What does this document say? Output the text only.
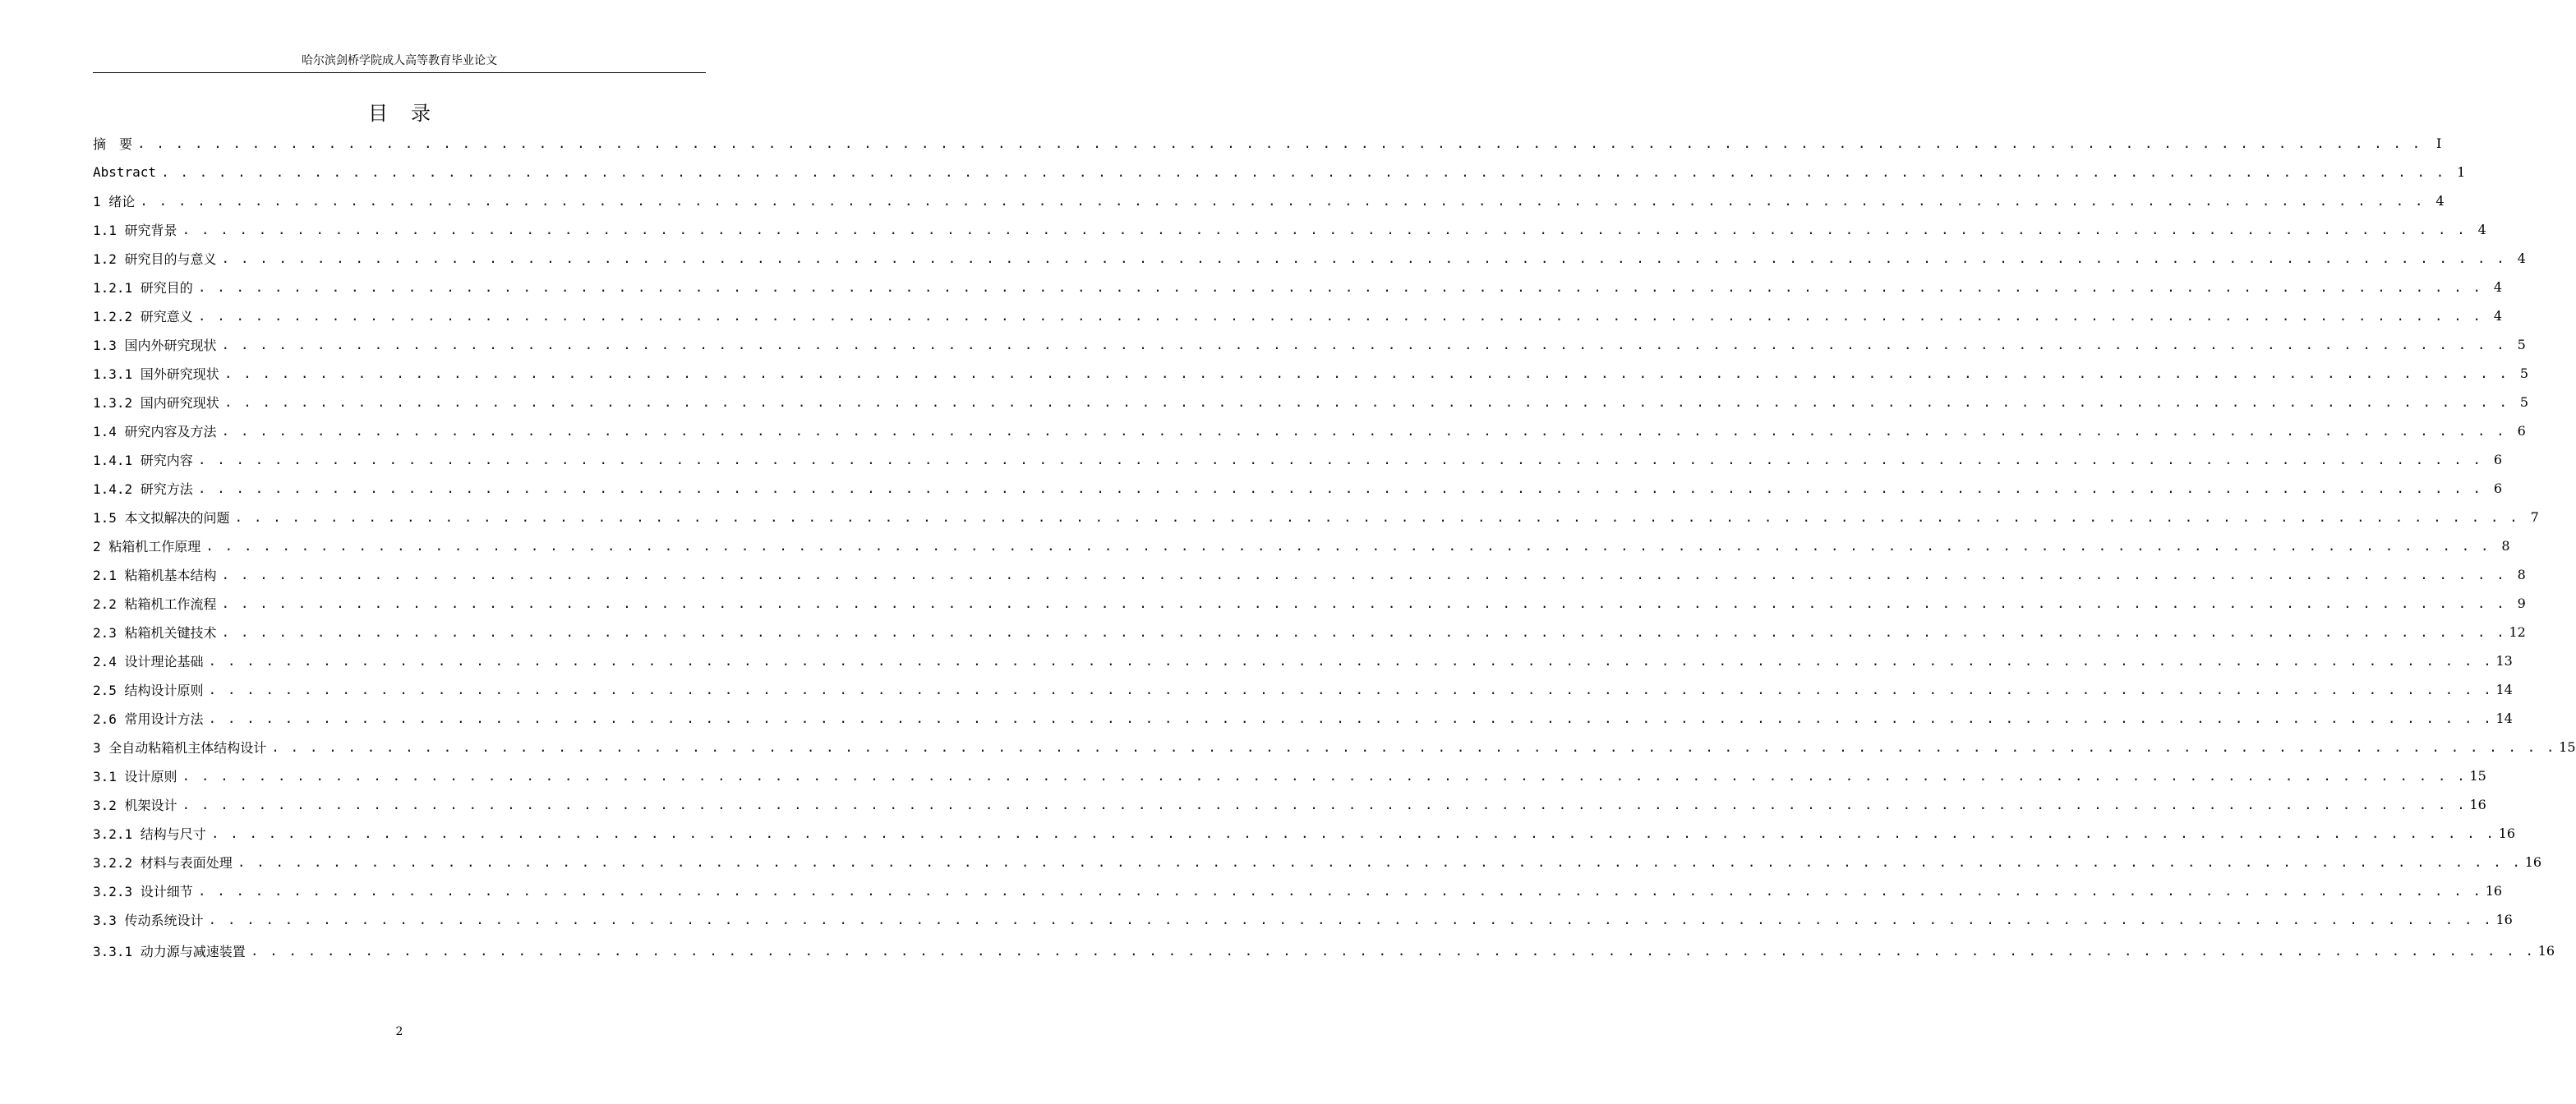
哈尔滨剑桥学院成人高等教育毕业论文
目录
摘　要 . . . . . . . . . . . . . . . . . . . . . . . . . . . . . . . . . . . . . . . . . . . . . . . . . . . . . . . . . . . . . . . . . . . . . . . . . . . . . . . . . . . . . . . . . . . . . . . . . . . . . . . . . . . . . . . . . . . . . . . .	I
Abstract . . . . . . . . . . . . . . . . . . . . . . . . . . . . . . . . . . . . . . . . . . . . . . . . . . . . . . . . . . . . . . . . . . . . . . . . . . . . . . . . . . . . . . . . . . . . . . . . . . . . . . . . . . . . . . . . . . . . . . . . 1
1 绪论 . . . . . . . . . . . . . . . . . . . . . . . . . . . . . . . . . . . . . . . . . . . . . . . . . . . . . . . . . . . . . . . . . . . . . . . . . . . . . . . . . . . . . . . . . . . . . . . . . . . . . . . . . . . . . . . . . . . . . . . . 4
1.1 研究背景 . . . . . . . . . . . . . . . . . . . . . . . . . . . . . . . . . . . . . . . . . . . . . . . . . . . . . . . . . . . . . . . . . . . . . . . . . . . . . . . . . . . . . . . . . . . . . . . . . . . . . . . . . . . . . . . . . . . . . . . . 4
1.2 研究目的与意义 . . . . . . . . . . . . . . . . . . . . . . . . . . . . . . . . . . . . . . . . . . . . . . . . . . . . . . . . . . . . . . . . . . . . . . . . . . . . . . . . . . . . . . . . . . . . . . . . . . . . . . . . . . . . . . . . . . . . . . . . 4
1.2.1 研究目的 . . . . . . . . . . . . . . . . . . . . . . . . . . . . . . . . . . . . . . . . . . . . . . . . . . . . . . . . . . . . . . . . . . . . . . . . . . . . . . . . . . . . . . . . . . . . . . . . . . . . . . . . . . . . . . . . . . . . . . . . 4
1.2.2 研究意义 . . . . . . . . . . . . . . . . . . . . . . . . . . . . . . . . . . . . . . . . . . . . . . . . . . . . . . . . . . . . . . . . . . . . . . . . . . . . . . . . . . . . . . . . . . . . . . . . . . . . . . . . . . . . . . . . . . . . . . . . 4
1.3 国内外研究现状 . . . . . . . . . . . . . . . . . . . . . . . . . . . . . . . . . . . . . . . . . . . . . . . . . . . . . . . . . . . . . . . . . . . . . . . . . . . . . . . . . . . . . . . . . . . . . . . . . . . . . . . . . . . . . . . . . . . . . . . . 5
1.3.1 国外研究现状 . . . . . . . . . . . . . . . . . . . . . . . . . . . . . . . . . . . . . . . . . . . . . . . . . . . . . . . . . . . . . . . . . . . . . . . . . . . . . . . . . . . . . . . . . . . . . . . . . . . . . . . . . . . . . . . . . . . . . . . . 5
1.3.2 国内研究现状 . . . . . . . . . . . . . . . . . . . . . . . . . . . . . . . . . . . . . . . . . . . . . . . . . . . . . . . . . . . . . . . . . . . . . . . . . . . . . . . . . . . . . . . . . . . . . . . . . . . . . . . . . . . . . . . . . . . . . . . . 5
1.4 研究内容及方法 . . . . . . . . . . . . . . . . . . . . . . . . . . . . . . . . . . . . . . . . . . . . . . . . . . . . . . . . . . . . . . . . . . . . . . . . . . . . . . . . . . . . . . . . . . . . . . . . . . . . . . . . . . . . . . . . . . . . . . . . 6
1.4.1 研究内容 . . . . . . . . . . . . . . . . . . . . . . . . . . . . . . . . . . . . . . . . . . . . . . . . . . . . . . . . . . . . . . . . . . . . . . . . . . . . . . . . . . . . . . . . . . . . . . . . . . . . . . . . . . . . . . . . . . . . . . . . 6
1.4.2 研究方法 . . . . . . . . . . . . . . . . . . . . . . . . . . . . . . . . . . . . . . . . . . . . . . . . . . . . . . . . . . . . . . . . . . . . . . . . . . . . . . . . . . . . . . . . . . . . . . . . . . . . . . . . . . . . . . . . . . . . . . . . 6
1.5 本文拟解决的问题 . . . . . . . . . . . . . . . . . . . . . . . . . . . . . . . . . . . . . . . . . . . . . . . . . . . . . . . . . . . . . . . . . . . . . . . . . . . . . . . . . . . . . . . . . . . . . . . . . . . . . . . . . . . . . . . . . . . . . . . . 7
2 粘箱机工作原理 . . . . . . . . . . . . . . . . . . . . . . . . . . . . . . . . . . . . . . . . . . . . . . . . . . . . . . . . . . . . . . . . . . . . . . . . . . . . . . . . . . . . . . . . . . . . . . . . . . . . . . . . . . . . . . . . . . . . . . . . 8
2.1 粘箱机基本结构 . . . . . . . . . . . . . . . . . . . . . . . . . . . . . . . . . . . . . . . . . . . . . . . . . . . . . . . . . . . . . . . . . . . . . . . . . . . . . . . . . . . . . . . . . . . . . . . . . . . . . . . . . . . . . . . . . . . . . . . . 8
2.2 粘箱机工作流程 . . . . . . . . . . . . . . . . . . . . . . . . . . . . . . . . . . . . . . . . . . . . . . . . . . . . . . . . . . . . . . . . . . . . . . . . . . . . . . . . . . . . . . . . . . . . . . . . . . . . . . . . . . . . . . . . . . . . . . . . 9
2.3 粘箱机关键技术 . . . . . . . . . . . . . . . . . . . . . . . . . . . . . . . . . . . . . . . . . . . . . . . . . . . . . . . . . . . . . . . . . . . . . . . . . . . . . . . . . . . . . . . . . . . . . . . . . . . . . . . . . . . . . . . . . . . . . . . . 12
2.4 设计理论基础 . . . . . . . . . . . . . . . . . . . . . . . . . . . . . . . . . . . . . . . . . . . . . . . . . . . . . . . . . . . . . . . . . . . . . . . . . . . . . . . . . . . . . . . . . . . . . . . . . . . . . . . . . . . . . . . . . . . . . . . . 13
2.5 结构设计原则 . . . . . . . . . . . . . . . . . . . . . . . . . . . . . . . . . . . . . . . . . . . . . . . . . . . . . . . . . . . . . . . . . . . . . . . . . . . . . . . . . . . . . . . . . . . . . . . . . . . . . . . . . . . . . . . . . . . . . . . . 14
2.6 常用设计方法 . . . . . . . . . . . . . . . . . . . . . . . . . . . . . . . . . . . . . . . . . . . . . . . . . . . . . . . . . . . . . . . . . . . . . . . . . . . . . . . . . . . . . . . . . . . . . . . . . . . . . . . . . . . . . . . . . . . . . . . . 14
3 全自动粘箱机主体结构设计 . . . . . . . . . . . . . . . . . . . . . . . . . . . . . . . . . . . . . . . . . . . . . . . . . . . . . . . . . . . . . . . . . . . . . . . . . . . . . . . . . . . . . . . . . . . . . . . . . . . . . . . . . . . . . . . . . . . . . . . . 15
3.1 设计原则 . . . . . . . . . . . . . . . . . . . . . . . . . . . . . . . . . . . . . . . . . . . . . . . . . . . . . . . . . . . . . . . . . . . . . . . . . . . . . . . . . . . . . . . . . . . . . . . . . . . . . . . . . . . . . . . . . . . . . . . . 15
3.2 机架设计 . . . . . . . . . . . . . . . . . . . . . . . . . . . . . . . . . . . . . . . . . . . . . . . . . . . . . . . . . . . . . . . . . . . . . . . . . . . . . . . . . . . . . . . . . . . . . . . . . . . . . . . . . . . . . . . . . . . . . . . . 16
3.2.1 结构与尺寸 . . . . . . . . . . . . . . . . . . . . . . . . . . . . . . . . . . . . . . . . . . . . . . . . . . . . . . . . . . . . . . . . . . . . . . . . . . . . . . . . . . . . . . . . . . . . . . . . . . . . . . . . . . . . . . . . . . . . . . . . 16
3.2.2 材料与表面处理 . . . . . . . . . . . . . . . . . . . . . . . . . . . . . . . . . . . . . . . . . . . . . . . . . . . . . . . . . . . . . . . . . . . . . . . . . . . . . . . . . . . . . . . . . . . . . . . . . . . . . . . . . . . . . . . . . . . . . . . . 16
3.2.3 设计细节 . . . . . . . . . . . . . . . . . . . . . . . . . . . . . . . . . . . . . . . . . . . . . . . . . . . . . . . . . . . . . . . . . . . . . . . . . . . . . . . . . . . . . . . . . . . . . . . . . . . . . . . . . . . . . . . . . . . . . . . . 16
3.3 传动系统设计 . . . . . . . . . . . . . . . . . . . . . . . . . . . . . . . . . . . . . . . . . . . . . . . . . . . . . . . . . . . . . . . . . . . . . . . . . . . . . . . . . . . . . . . . . . . . . . . . . . . . . . . . . . . . . . . . . . . . . . . . 16
3.3.1 动力源与减速装置 . . . . . . . . . . . . . . . . . . . . . . . . . . . . . . . . . . . . . . . . . . . . . . . . . . . . . . . . . . . . . . . . . . . . . . . . . . . . . . . . . . . . . . . . . . . . . . . . . . . . . . . . . . . . . . . . . . . . . . . . 16
2
